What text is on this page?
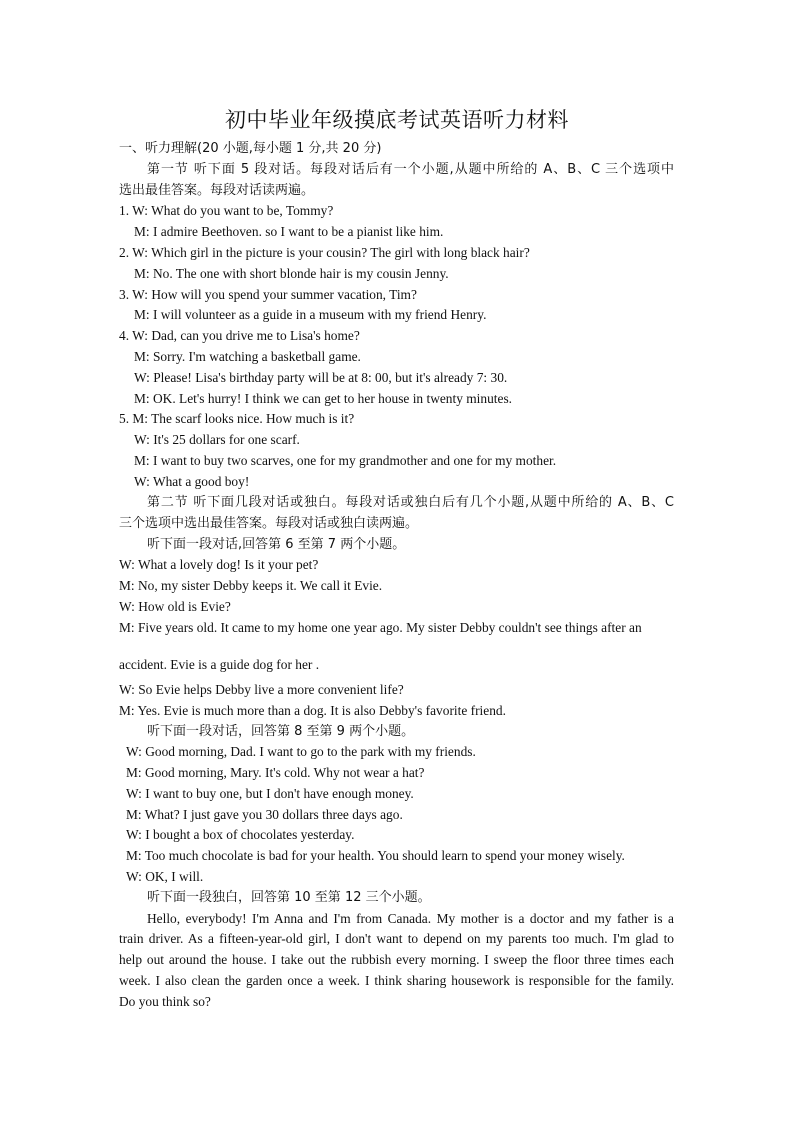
初中毕业年级摸底考试英语听力材料
一、听力理解(20 小题,每小题 1 分,共 20 分)
第一节 听下面 5 段对话。每段对话后有一个小题,从题中所给的 A、B、C 三个选项中
选出最佳答案。每段对话读两遍。
1. W: What do you want to be, Tommy?
M: I admire Beethoven. so I want to be a pianist like him.
2. W: Which girl in the picture is your cousin? The girl with long black hair?
M: No. The one with short blonde hair is my cousin Jenny.
3. W: How will you spend your summer vacation, Tim?
M: I will volunteer as a guide in a museum with my friend Henry.
4. W: Dad, can you drive me to Lisa's home?
M: Sorry. I'm watching a basketball game.
W: Please! Lisa's birthday party will be at 8: 00, but it's already 7: 30.
M: OK. Let's hurry! I think we can get to her house in twenty minutes.
5. M: The scarf looks nice. How much is it?
W: It's 25 dollars for one scarf.
M: I want to buy two scarves, one for my grandmother and one for my mother.
W: What a good boy!
第二节 听下面几段对话或独白。每段对话或独白后有几个小题,从题中所给的 A、B、C
三个选项中选出最佳答案。每段对话或独白读两遍。
听下面一段对话,回答第 6 至第 7 两个小题。
W: What a lovely dog! Is it your pet?
M: No, my sister Debby keeps it. We call it Evie.
W: How old is Evie?
M: Five years old. It came to my home one year ago. My sister Debby couldn't see things after an
accident. Evie is a guide dog for her .
W: So Evie helps Debby live a more convenient life?
M: Yes. Evie is much more than a dog. It is also Debby's favorite friend.
听下面一段对话，回答第 8 至第 9 两个小题。
W: Good morning, Dad. I want to go to the park with my friends.
M: Good morning, Mary. It's cold. Why not wear a hat?
W: I want to buy one, but I don't have enough money.
M: What? I just gave you 30 dollars three days ago.
W: I bought a box of chocolates yesterday.
M: Too much chocolate is bad for your health. You should learn to spend your money wisely.
W: OK, I will.
听下面一段独白，回答第 10 至第 12 三个小题。
Hello, everybody! I'm Anna and I'm from Canada. My mother is a doctor and my father is a
train driver. As a fifteen-year-old girl, I don't want to depend on my parents too much. I'm glad to
help out around the house. I take out the rubbish every morning. I sweep the floor three times each
week. I also clean the garden once a week. I think sharing housework is responsible for the family.
Do you think so?
